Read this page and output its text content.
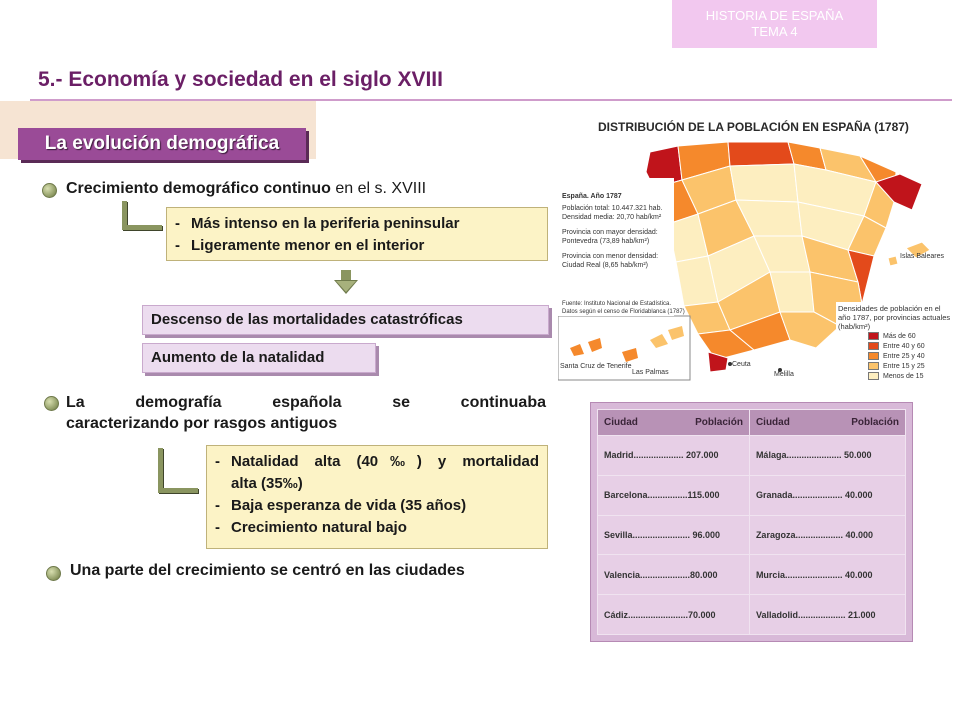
HISTORIA DE ESPAÑA
TEMA 4
5.- Economía y sociedad en el siglo XVIII
La evolución demográfica
Crecimiento demográfico continuo en el s. XVIII
- Más intenso en la periferia peninsular
- Ligeramente menor en el interior
Descenso de las mortalidades catastróficas
Aumento de la natalidad
La demografía española se continuaba
caracterizando por rasgos antiguos
- Natalidad alta (40‰) y mortalidad
alta (35‰)
- Baja esperanza de vida (35 años)
- Crecimiento natural bajo
Una parte del crecimiento se centró en las ciudades
DISTRIBUCIÓN DE LA POBLACIÓN EN ESPAÑA (1787)
España. Año 1787
Población total: 10.447.321 hab.
Densidad media: 20,70 hab/km²
Provincia con mayor densidad:
Pontevedra (73,89 hab/km²)
Provincia con menor densidad:
Ciudad Real (8,65 hab/km²)
Fuente: Instituto Nacional de Estadística.
Datos según el censo de Floridablanca (1787)	Densidades de población en el
año 1787, por provincias actuales
(hab/km²)
Más de 60
Entre 40 y 60
Entre 25 y 40
Entre 15 y 25
Menos de 15
Santa Cruz de Tenerife
Las Palmas
Islas Baleares
Ceuta
Melilla
Ciudad Población	Ciudad Población

Madrid.................... 207.000	Málaga...................... 50.000
Barcelona................115.000	Granada.................... 40.000
Sevilla....................... 96.000	Zaragoza................... 40.000
Valencia....................80.000	Murcia....................... 40.000
Cádiz........................70.000	Valladolid................... 21.000
